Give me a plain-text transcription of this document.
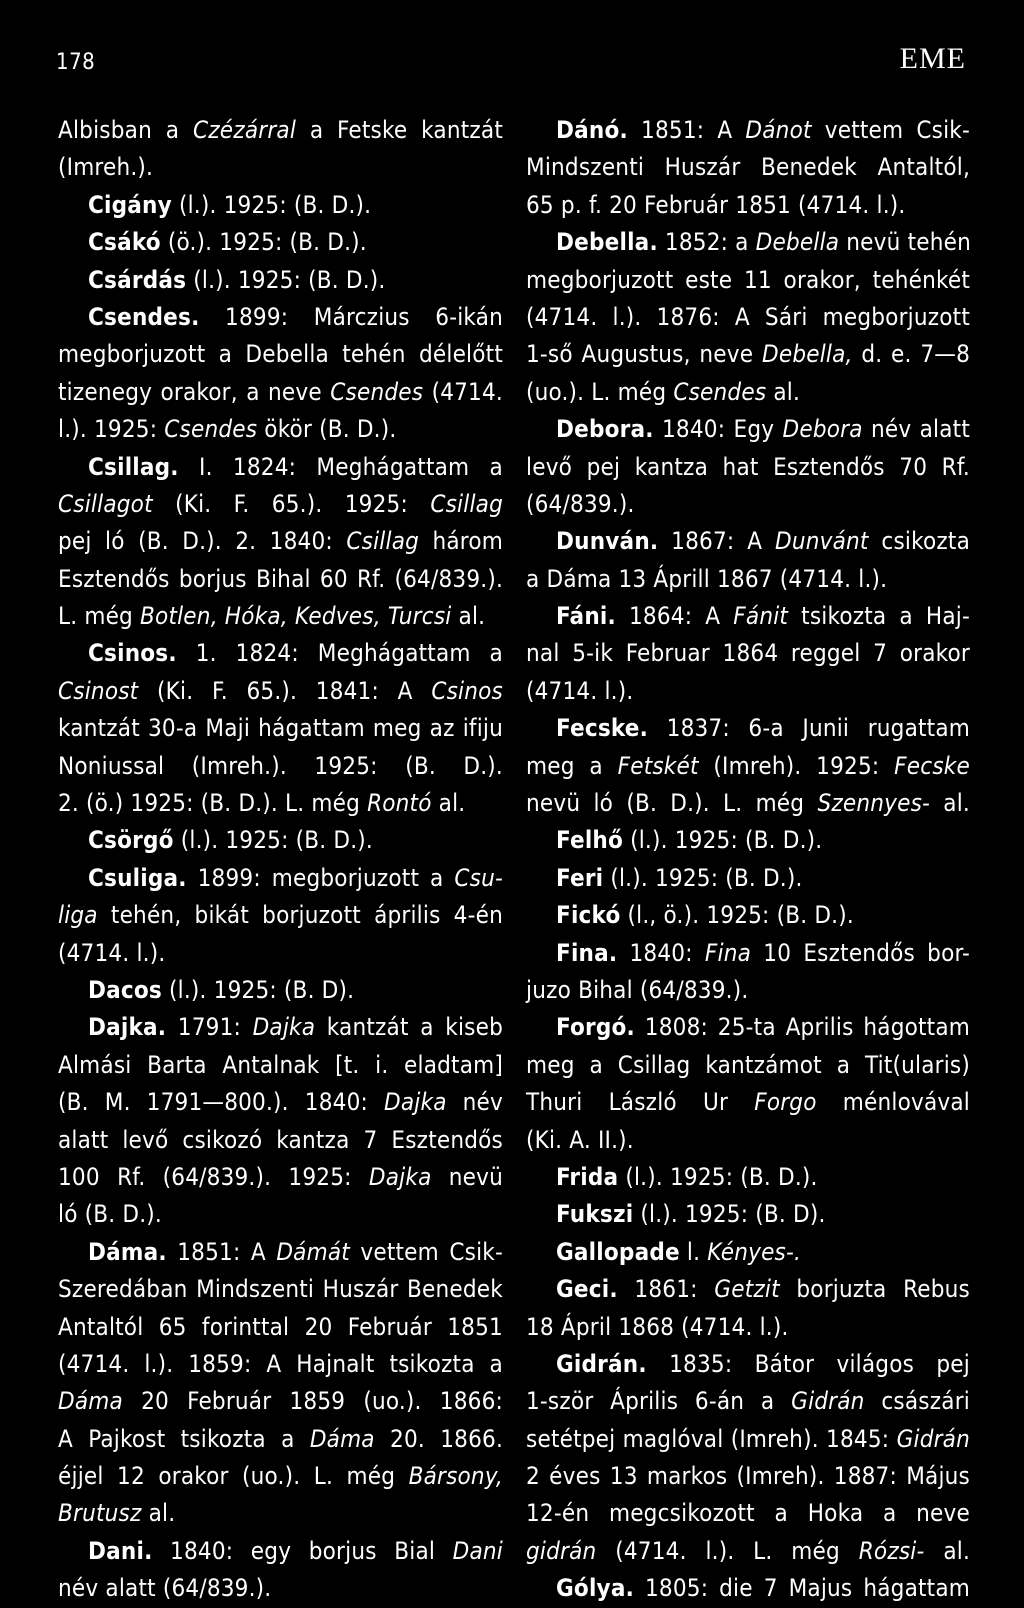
178	EME
Albisban a Czézárral a Fetske kantzát
(Imreh.).
Cigány (l.). 1925: (B. D.).
Csákó (ö.). 1925: (B. D.).
Csárdás (l.). 1925: (B. D.).
Csendes. 1899: Márczius 6-ikán
megborjuzott a Debella tehén délelőtt
tizenegy orakor, a neve Csendes (4714.
l.). 1925: Csendes ökör (B. D.).
Csillag. I. 1824: Meghágattam a
Csillagot (Ki. F. 65.). 1925: Csillag
pej ló (B. D.). 2. 1840: Csillag három
Esztendős borjus Bihal 60 Rf. (64/839.).
L. még Botlen, Hóka, Kedves, Turcsi al.
Csinos. 1. 1824: Meghágattam a
Csinost (Ki. F. 65.). 1841: A Csinos
kantzát 30-a Maji hágattam meg az ifiju
Noniussal (Imreh.). 1925: (B. D.).
2. (ö.) 1925: (B. D.). L. még Rontó al.
Csörgő (l.). 1925: (B. D.).
Csuliga. 1899: megborjuzott a Csu-
liga tehén, bikát borjuzott április 4-én
(4714. l.).
Dacos (l.). 1925: (B. D).
Dajka. 1791: Dajka kantzát a kiseb
Almási Barta Antalnak [t. i. eladtam]
(B. M. 1791—800.). 1840: Dajka név
alatt levő csikozó kantza 7 Esztendős
100 Rf. (64/839.). 1925: Dajka nevü
ló (B. D.).
Dáma. 1851: A Dámát vettem Csik-
Szeredában Mindszenti Huszár Benedek
Antaltól 65 forinttal 20 Február 1851
(4714. l.). 1859: A Hajnalt tsikozta a
Dáma 20 Február 1859 (uo.). 1866:
A Pajkost tsikozta a Dáma 20. 1866.
éjjel 12 orakor (uo.). L. még Bársony,
Brutusz al.
Dani. 1840: egy borjus Bial Dani
név alatt (64/839.).
Dánó. 1851: A Dánot vettem Csik-
Mindszenti Huszár Benedek Antaltól,
65 p. f. 20 Február 1851 (4714. l.).
Debella. 1852: a Debella nevü tehén
megborjuzott este 11 orakor, tehénkét
(4714. l.). 1876: A Sári megborjuzott
1-ső Augustus, neve Debella, d. e. 7—8
(uo.). L. még Csendes al.
Debora. 1840: Egy Debora név alatt
levő pej kantza hat Esztendős 70 Rf.
(64/839.).
Dunván. 1867: A Dunvánt csikozta
a Dáma 13 Áprill 1867 (4714. l.).
Fáni. 1864: A Fánit tsikozta a Haj-
nal 5-ik Februar 1864 reggel 7 orakor
(4714. l.).
Fecske. 1837: 6-a Junii rugattam
meg a Fetskét (Imreh). 1925: Fecske
nevü ló (B. D.). L. még Szennyes- al.
Felhő (l.). 1925: (B. D.).
Feri (l.). 1925: (B. D.).
Fickó (l., ö.). 1925: (B. D.).
Fina. 1840: Fina 10 Esztendős bor-
juzo Bihal (64/839.).
Forgó. 1808: 25-ta Aprilis hágottam
meg a Csillag kantzámot a Tit(ularis)
Thuri László Ur Forgo ménlovával
(Ki. A. II.).
Frida (l.). 1925: (B. D.).
Fukszi (l.). 1925: (B. D).
Gallopade l. Kényes-.
Geci. 1861: Getzit borjuzta Rebus
18 Ápril 1868 (4714. l.).
Gidrán. 1835: Bátor világos pej
1-ször Április 6-án a Gidrán császári
setétpej maglóval (Imreh). 1845: Gidrán
2 éves 13 markos (Imreh). 1887: Május
12-én megcsikozott a Hoka a neve
gidrán (4714. l.). L. még Rózsi- al.
Gólya. 1805: die 7 Majus hágattam
